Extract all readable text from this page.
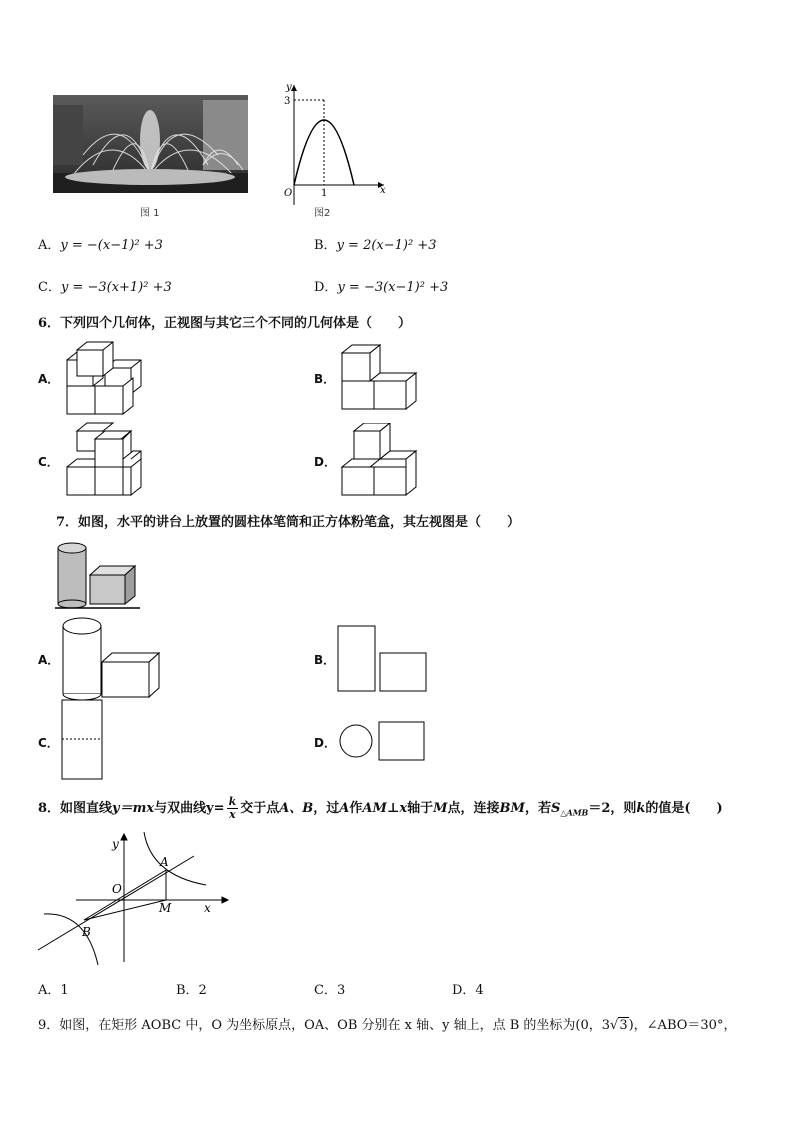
图 1
y
x
O
3
1
图2
A．y = −(x−1)² +3	B．y = 2(x−1)² +3
C．y = −3(x+1)² +3	D．y = −3(x−1)² +3
6．下列四个几何体，正视图与其它三个不同的几何体是（　　）
A．	B．
C．	D．
7．如图，水平的讲台上放置的圆柱体笔筒和正方体粉笔盒，其左视图是（　　）
A．	B．
C．	D．
8．如图直线y＝mx与双曲线$y= \frac{k}{x}$ 交于点A、B，过A作AM⊥x轴于M点，连接BM，若$S_{\triangle AMB}=2$，则k的值是(　　)
y
x
O
A
B
M
A．1	B．2	C．3	D．4
9．如图，在矩形 AOBC 中，O 为坐标原点，OA、OB 分别在 x 轴、y 轴上，点 B 的坐标为(0，3√3)，∠ABO＝30°，
